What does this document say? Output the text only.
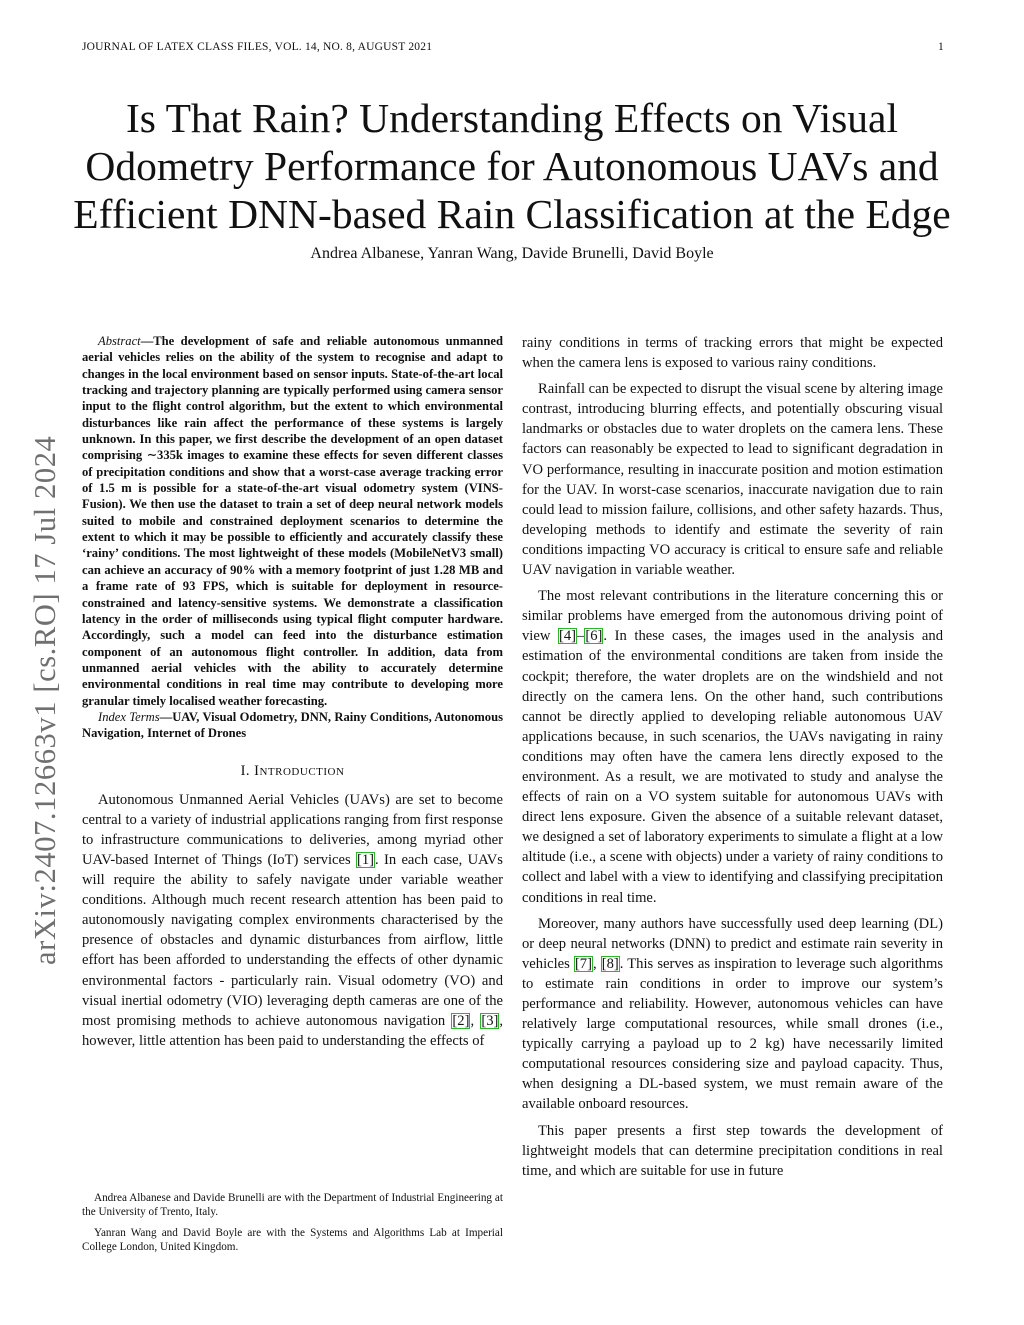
JOURNAL OF LATEX CLASS FILES, VOL. 14, NO. 8, AUGUST 2021	1
Is That Rain? Understanding Effects on Visual
Odometry Performance for Autonomous UAVs and
Efficient DNN-based Rain Classification at the Edge
Andrea Albanese, Yanran Wang, Davide Brunelli, David Boyle
arXiv:2407.12663v1 [cs.RO] 17 Jul 2024

Abstract—The development of safe and reliable autonomous unmanned aerial vehicles relies on the ability of the system to recognise and adapt to changes in the local environment based on sensor inputs. State-of-the-art local tracking and trajectory planning are typically performed using camera sensor input to the flight control algorithm, but the extent to which environmental disturbances like rain affect the performance of these systems is largely unknown. In this paper, we first describe the development of an open dataset comprising ∼335k images to examine these effects for seven different classes of precipitation conditions and show that a worst-case average tracking error of 1.5 m is possible for a state-of-the-art visual odometry system (VINS-Fusion). We then use the dataset to train a set of deep neural network models suited to mobile and constrained deployment scenarios to determine the extent to which it may be possible to efficiently and accurately classify these ‘rainy’ conditions. The most lightweight of these models (MobileNetV3 small) can achieve an accuracy of 90% with a memory footprint of just 1.28 MB and a frame rate of 93 FPS, which is suitable for deployment in resource-constrained and latency-sensitive systems. We demonstrate a classification latency in the order of milliseconds using typical flight computer hardware. Accordingly, such a model can feed into the disturbance estimation component of an autonomous flight controller. In addition, data from unmanned aerial vehicles with the ability to accurately determine environmental conditions in real time may contribute to developing more granular timely localised weather forecasting.

Index Terms—UAV, Visual Odometry, DNN, Rainy Conditions, Autonomous Navigation, Internet of Drones

I. INTRODUCTION

Autonomous Unmanned Aerial Vehicles (UAVs) are set to become central to a variety of industrial applications ranging from first response to infrastructure communications to deliveries, among myriad other UAV-based Internet of Things (IoT) services [1]. In each case, UAVs will require the ability to safely navigate under variable weather conditions. Although much recent research attention has been paid to autonomously navigating complex environments characterised by the presence of obstacles and dynamic disturbances from airflow, little effort has been afforded to understanding the effects of other dynamic environmental factors - particularly rain. Visual odometry (VO) and visual inertial odometry (VIO) leveraging depth cameras are one of the most promising methods to achieve autonomous navigation [2], [3], however, little attention has been paid to understanding the effects of

Andrea Albanese and Davide Brunelli are with the Department of Industrial Engineering at the University of Trento, Italy.

Yanran Wang and David Boyle are with the Systems and Algorithms Lab at Imperial College London, United Kingdom.

rainy conditions in terms of tracking errors that might be expected when the camera lens is exposed to various rainy conditions.

Rainfall can be expected to disrupt the visual scene by altering image contrast, introducing blurring effects, and potentially obscuring visual landmarks or obstacles due to water droplets on the camera lens. These factors can reasonably be expected to lead to significant degradation in VO performance, resulting in inaccurate position and motion estimation for the UAV. In worst-case scenarios, inaccurate navigation due to rain could lead to mission failure, collisions, and other safety hazards. Thus, developing methods to identify and estimate the severity of rain conditions impacting VO accuracy is critical to ensure safe and reliable UAV navigation in variable weather.

The most relevant contributions in the literature concerning this or similar problems have emerged from the autonomous driving point of view [4]–[6]. In these cases, the images used in the analysis and estimation of the environmental conditions are taken from inside the cockpit; therefore, the water droplets are on the windshield and not directly on the camera lens. On the other hand, such contributions cannot be directly applied to developing reliable autonomous UAV applications because, in such scenarios, the UAVs navigating in rainy conditions may often have the camera lens directly exposed to the environment. As a result, we are motivated to study and analyse the effects of rain on a VO system suitable for autonomous UAVs with direct lens exposure. Given the absence of a suitable relevant dataset, we designed a set of laboratory experiments to simulate a flight at a low altitude (i.e., a scene with objects) under a variety of rainy conditions to collect and label with a view to identifying and classifying precipitation conditions in real time.

Moreover, many authors have successfully used deep learning (DL) or deep neural networks (DNN) to predict and estimate rain severity in vehicles [7], [8]. This serves as inspiration to leverage such algorithms to estimate rain conditions in order to improve our system’s performance and reliability. However, autonomous vehicles can have relatively large computational resources, while small drones (i.e., typically carrying a payload up to 2 kg) have necessarily limited computational resources considering size and payload capacity. Thus, when designing a DL-based system, we must remain aware of the available onboard resources.

This paper presents a first step towards the development of lightweight models that can determine precipitation conditions in real time, and which are suitable for use in future
